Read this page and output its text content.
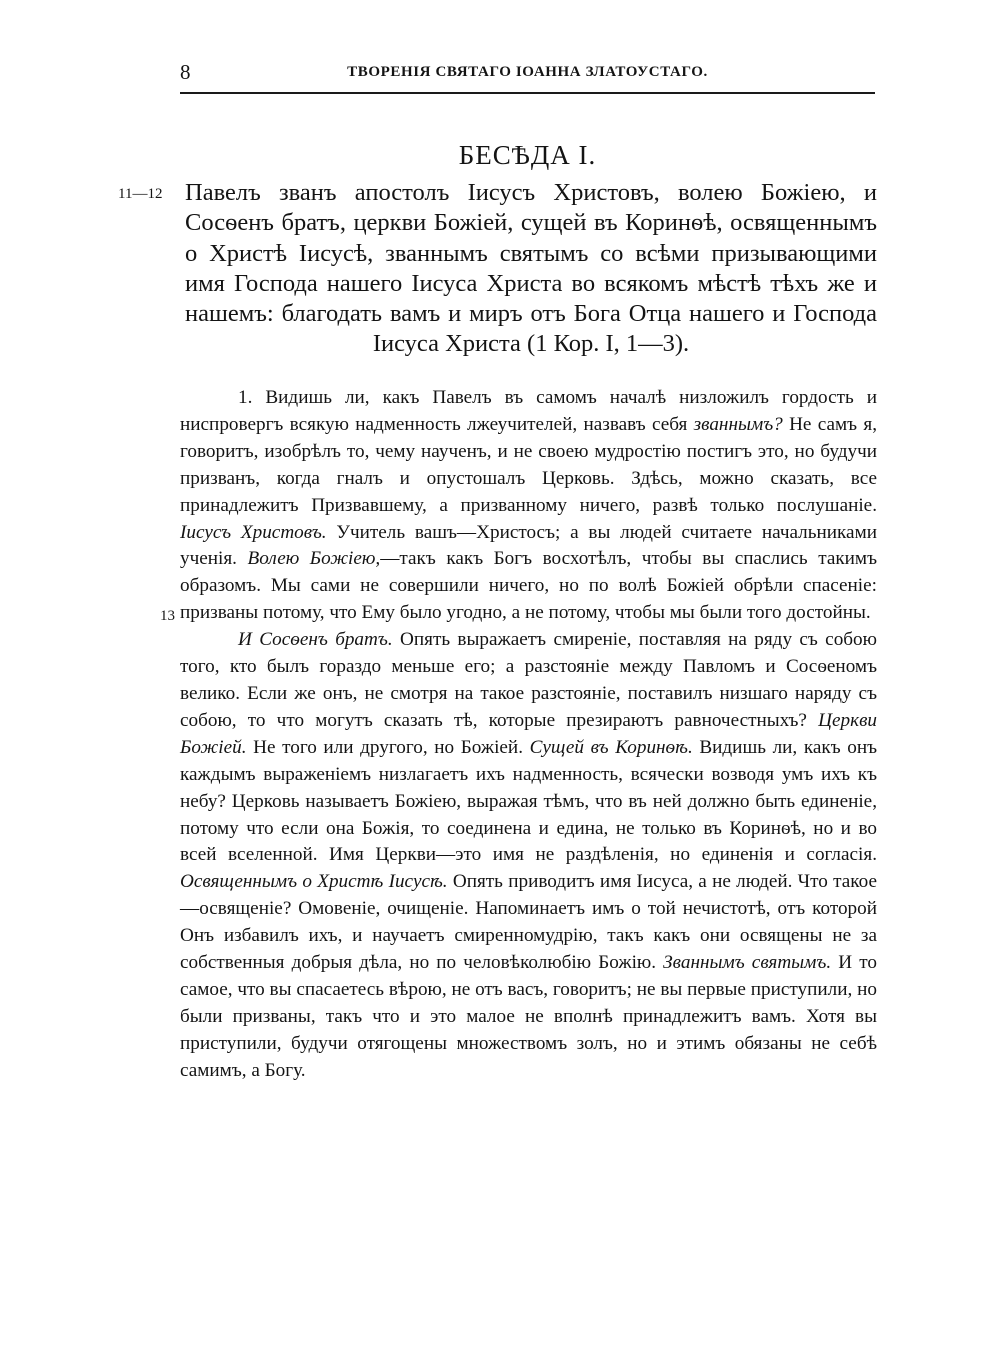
8	ТВОРЕНІЯ СВЯТАГО ІОАННА ЗЛАТОУСТАГО.
БЕСѢДА I.
11—12 Павелъ званъ апостолъ Іисусъ Христовъ, волею Божіею, и Сосѳенъ братъ, церкви Божіей, сущей въ Коринѳѣ, освященнымъ о Христѣ Іисусѣ, званнымъ святымъ со всѣми призывающими имя Господа нашего Іисуса Христа во всякомъ мѣстѣ тѣхъ же и нашемъ: благодать вамъ и миръ отъ Бога Отца нашего и Господа Іисуса Христа (1 Кор. I, 1—3).
13

1. Видишь ли, какъ Павелъ въ самомъ началѣ низложилъ гордость и ниспровергъ всякую надменность лжеучителей, назвавъ себя званнымъ? Не самъ я, говоритъ, изобрѣлъ то, чему наученъ, и не своею мудростію постигъ это, но будучи призванъ, когда гналъ и опустошалъ Церковь. Здѣсь, можно сказать, все принадлежитъ Призвавшему, а призванному ничего, развѣ только послушаніе. Іисусъ Христовъ. Учитель вашъ—Христосъ; а вы людей считаете начальниками ученія. Волею Божіею,—такъ какъ Богъ восхотѣлъ, чтобы вы спаслись такимъ образомъ. Мы сами не совершили ничего, но по волѣ Божіей обрѣли спасеніе: призваны потому, что Ему было угодно, а не потому, чтобы мы были того достойны.

И Сосѳенъ братъ. Опять выражаетъ смиреніе, поставляя на ряду съ собою того, кто былъ гораздо меньше его; а разстояніе между Павломъ и Сосѳеномъ велико. Если же онъ, не смотря на такое разстояніе, поставилъ низшаго наряду съ собою, то что могутъ сказать тѣ, которые презираютъ равночестныхъ? Церкви Божіей. Не того или другого, но Божіей. Сущей въ Коринѳѣ. Видишь ли, какъ онъ каждымъ выраженіемъ низлагаетъ ихъ надменность, всячески возводя умъ ихъ къ небу? Церковь называетъ Божіею, выражая тѣмъ, что въ ней должно быть единеніе, потому что если она Божія, то соединена и едина, не только въ Коринѳѣ, но и во всей вселенной. Имя Церкви—это имя не раздѣленія, но единенія и согласія. Освященнымъ о Христѣ Іисусѣ. Опять приводитъ имя Іисуса, а не людей. Что такое—освященіе? Омовеніе, очищеніе. Напоминаетъ имъ о той нечистотѣ, отъ которой Онъ избавилъ ихъ, и научаетъ смиренномудрію, такъ какъ они освящены не за собственныя добрыя дѣла, но по человѣколюбію Божію. Званнымъ святымъ. И то самое, что вы спасаетесь вѣрою, не отъ васъ, говоритъ; не вы первые приступили, но были призваны, такъ что и это малое не вполнѣ принадлежитъ вамъ. Хотя вы приступили, будучи отягощены множествомъ золъ, но и этимъ обязаны не себѣ самимъ, а Богу.
